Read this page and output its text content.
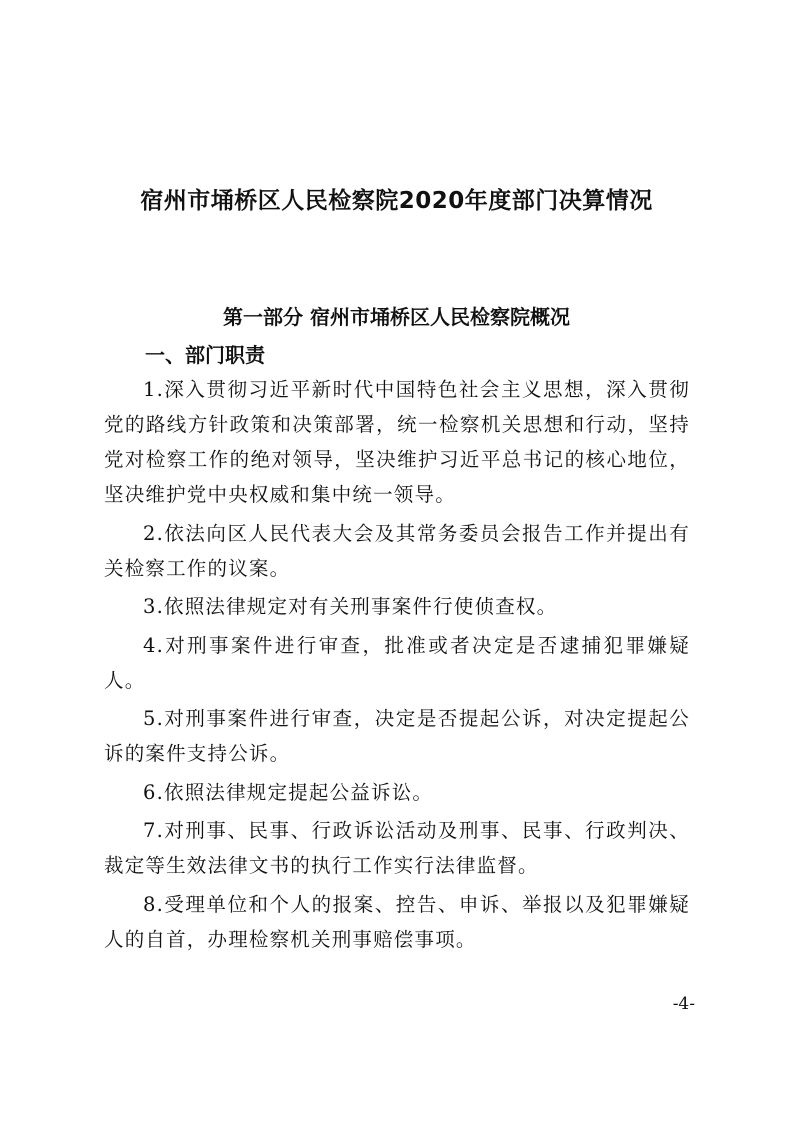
宿州市埇桥区人民检察院2020年度部门决算情况
第一部分 宿州市埇桥区人民检察院概况
一、部门职责

1.深入贯彻习近平新时代中国特色社会主义思想，深入贯彻党的路线方针政策和决策部署，统一检察机关思想和行动，坚持党对检察工作的绝对领导，坚决维护习近平总书记的核心地位，坚决维护党中央权威和集中统一领导。

2.依法向区人民代表大会及其常务委员会报告工作并提出有关检察工作的议案。

3.依照法律规定对有关刑事案件行使侦查权。

4.对刑事案件进行审查，批准或者决定是否逮捕犯罪嫌疑人。

5.对刑事案件进行审查，决定是否提起公诉，对决定提起公诉的案件支持公诉。

6.依照法律规定提起公益诉讼。

7.对刑事、民事、行政诉讼活动及刑事、民事、行政判决、裁定等生效法律文书的执行工作实行法律监督。

8.受理单位和个人的报案、控告、申诉、举报以及犯罪嫌疑人的自首，办理检察机关刑事赔偿事项。

-4-
